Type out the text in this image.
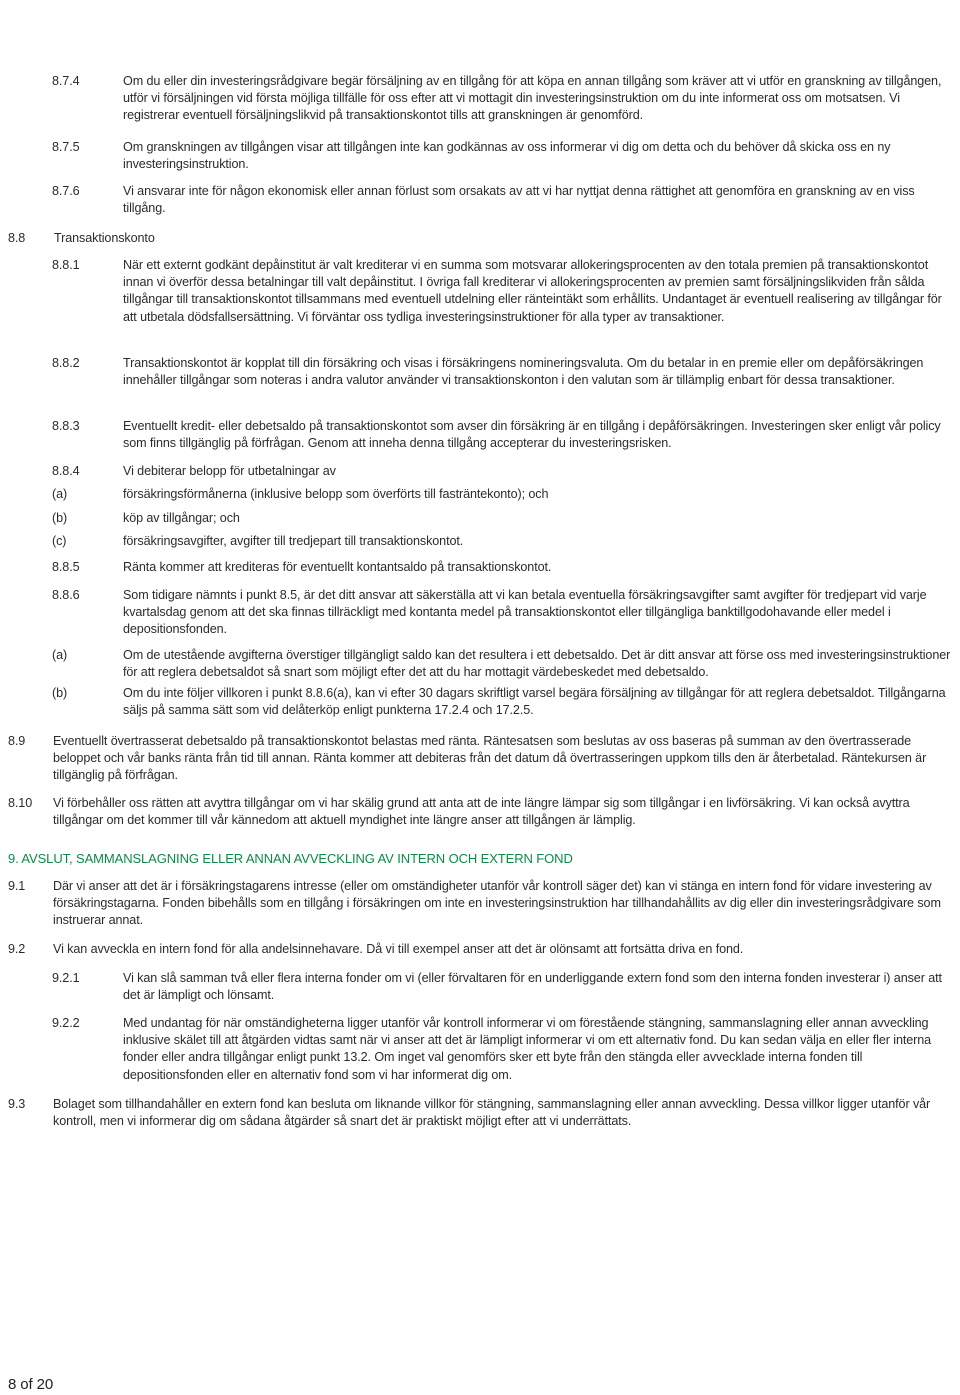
8.7.4	Om du eller din investeringsrådgivare begär försäljning av en tillgång för att köpa en annan tillgång som kräver att vi utför en granskning av tillgången, utför vi försäljningen vid första möjliga tillfälle för oss efter att vi mottagit din investeringsinstruktion om du inte informerat oss om motsatsen. Vi registrerar eventuell försäljningslikvid på transaktionskontot tills att granskningen är genomförd.
8.7.5	Om granskningen av tillgången visar att tillgången inte kan godkännas av oss informerar vi dig om detta och du behöver då skicka oss en ny investeringsinstruktion.
8.7.6	Vi ansvarar inte för någon ekonomisk eller annan förlust som orsakats av att vi har nyttjat denna rättighet att genomföra en granskning av en viss tillgång.
8.8 Transaktionskonto
8.8.1	När ett externt godkänt depåinstitut är valt krediterar vi en summa som motsvarar allokeringsprocenten av den totala premien på transaktionskontot innan vi överför dessa betalningar till valt depåinstitut. I övriga fall krediterar vi allokeringsprocenten av premien samt försäljningslikviden från sålda tillgångar till transaktionskontot tillsammans med eventuell utdelning eller ränteintäkt som erhållits. Undantaget är eventuell realisering av tillgångar för att utbetala dödsfallsersättning. Vi förväntar oss tydliga investeringsinstruktioner för alla typer av transaktioner.
8.8.2	Transaktionskontot är kopplat till din försäkring och visas i försäkringens nomineringsvaluta. Om du betalar in en premie eller om depåförsäkringen innehåller tillgångar som noteras i andra valutor använder vi transaktionskonton i den valutan som är tillämplig enbart för dessa transaktioner.
8.8.3	Eventuellt kredit- eller debetsaldo på transaktionskontot som avser din försäkring är en tillgång i depåförsäkringen. Investeringen sker enligt vår policy som finns tillgänglig på förfrågan. Genom att inneha denna tillgång accepterar du investeringsrisken.
8.8.4	Vi debiterar belopp för utbetalningar av
(a)	försäkringsförmånerna (inklusive belopp som överförts till fasträntekonto); och
(b)	köp av tillgångar; och
(c)	försäkringsavgifter, avgifter till tredjepart till transaktionskontot.
8.8.5	Ränta kommer att krediteras för eventuellt kontantsaldo på transaktionskontot.
8.8.6	Som tidigare nämnts i punkt 8.5, är det ditt ansvar att säkerställa att vi kan betala eventuella försäkringsavgifter samt avgifter för tredjepart vid varje kvartalsdag genom att det ska finnas tillräckligt med kontanta medel på transaktionskontot eller tillgängliga banktillgodohavande eller medel i depositionsfonden.
(a)	Om de utestående avgifterna överstiger tillgängligt saldo kan det resultera i ett debetsaldo. Det är ditt ansvar att förse oss med investeringsinstruktioner för att reglera debetsaldot så snart som möjligt efter det att du har mottagit värdebeskedet med debetsaldo.
(b)	Om du inte följer villkoren i punkt 8.8.6(a), kan vi efter 30 dagars skriftligt varsel begära försäljning av tillgångar för att reglera debetsaldot. Tillgångarna säljs på samma sätt som vid delåterköp enligt punkterna 17.2.4 och 17.2.5.
8.9 Eventuellt övertrasserat debetsaldo på transaktionskontot belastas med ränta. Räntesatsen som beslutas av oss baseras på summan av den övertrasserade beloppet och vår banks ränta från tid till annan. Ränta kommer att debiteras från det datum då övertrasseringen uppkom tills den är återbetalad. Räntekursen är tillgänglig på förfrågan.
8.10 Vi förbehåller oss rätten att avyttra tillgångar om vi har skälig grund att anta att de inte längre lämpar sig som tillgångar i en livförsäkring. Vi kan också avyttra tillgångar om det kommer till vår kännedom att aktuell myndighet inte längre anser att tillgången är lämplig.
9. AVSLUT, SAMMANSLAGNING ELLER ANNAN AVVECKLING AV INTERN OCH EXTERN FOND
9.1 Där vi anser att det är i försäkringstagarens intresse (eller om omständigheter utanför vår kontroll säger det) kan vi stänga en intern fond för vidare investering av försäkringstagarna. Fonden bibehålls som en tillgång i försäkringen om inte en investeringsinstruktion har tillhandahållits av dig eller din investeringsrådgivare som instruerar annat.
9.2 Vi kan avveckla en intern fond för alla andelsinnehavare. Då vi till exempel anser att det är olönsamt att fortsätta driva en fond.
9.2.1	Vi kan slå samman två eller flera interna fonder om vi (eller förvaltaren för en underliggande extern fond som den interna fonden investerar i) anser att det är lämpligt och lönsamt.
9.2.2	Med undantag för när omständigheterna ligger utanför vår kontroll informerar vi om förestående stängning, sammanslagning eller annan avveckling inklusive skälet till att åtgärden vidtas samt när vi anser att det är lämpligt informerar vi om ett alternativ fond. Du kan sedan välja en eller fler interna fonder eller andra tillgångar enligt punkt 13.2. Om inget val genomförs sker ett byte från den stängda eller avvecklade interna fonden till depositionsfonden eller en alternativ fond som vi har informerat dig om.
9.3 Bolaget som tillhandahåller en extern fond kan besluta om liknande villkor för stängning, sammanslagning eller annan avveckling. Dessa villkor ligger utanför vår kontroll, men vi informerar dig om sådana åtgärder så snart det är praktiskt möjligt efter att vi underrättats.
8 of 20
